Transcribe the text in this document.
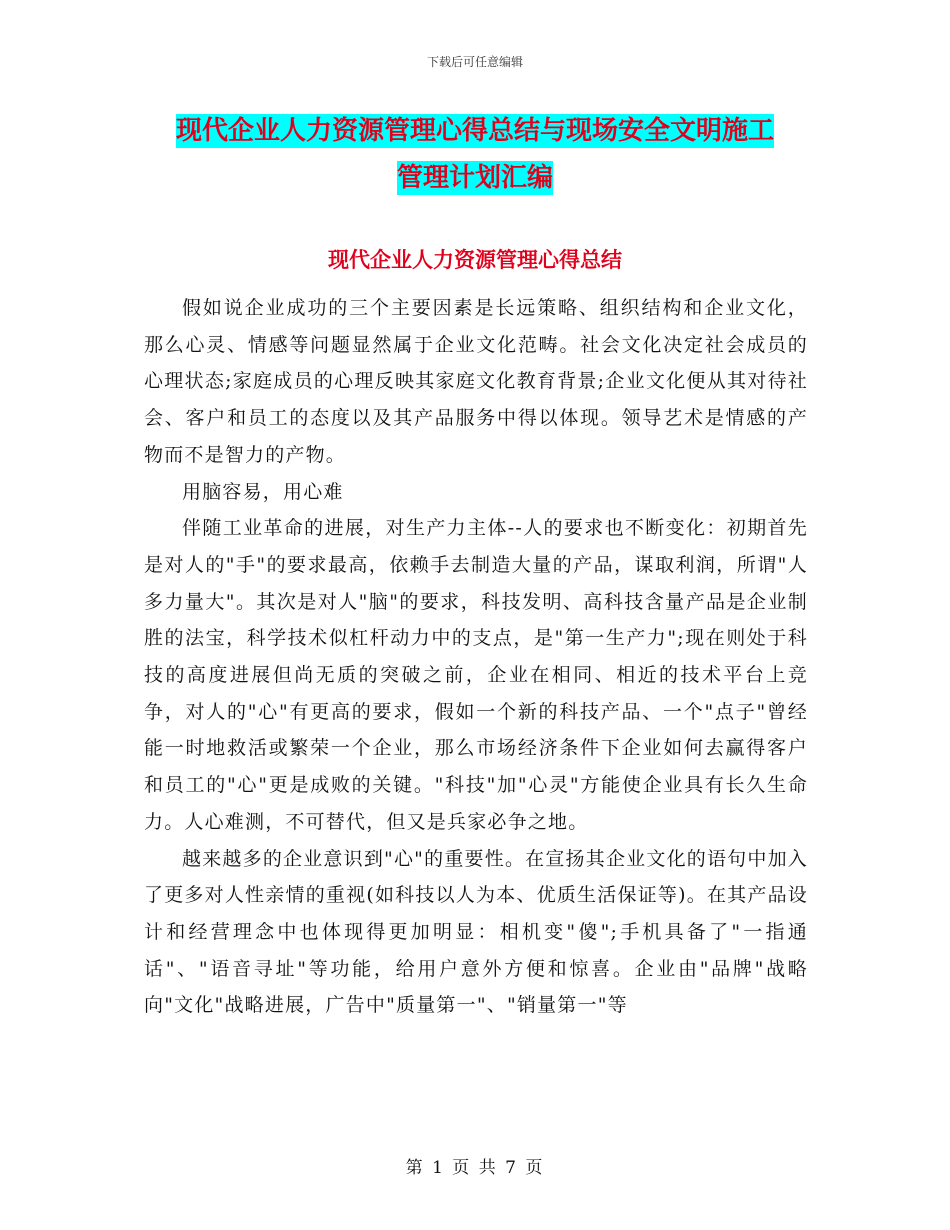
下载后可任意编辑
现代企业人力资源管理心得总结与现场安全文明施工
管理计划汇编
现代企业人力资源管理心得总结

假如说企业成功的三个主要因素是长远策略、组织结构和企业文化，那么心灵、情感等问题显然属于企业文化范畴。社会文化决定社会成员的心理状态;家庭成员的心理反映其家庭文化教育背景;企业文化便从其对待社会、客户和员工的态度以及其产品服务中得以体现。领导艺术是情感的产物而不是智力的产物。

用脑容易，用心难

伴随工业革命的进展，对生产力主体--人的要求也不断变化：初期首先是对人的"手"的要求最高，依赖手去制造大量的产品，谋取利润，所谓"人多力量大"。其次是对人"脑"的要求，科技发明、高科技含量产品是企业制胜的法宝，科学技术似杠杆动力中的支点，是"第一生产力";现在则处于科技的高度进展但尚无质的突破之前，企业在相同、相近的技术平台上竞争，对人的"心"有更高的要求，假如一个新的科技产品、一个"点子"曾经能一时地救活或繁荣一个企业，那么市场经济条件下企业如何去赢得客户和员工的"心"更是成败的关键。"科技"加"心灵"方能使企业具有长久生命力。人心难测，不可替代，但又是兵家必争之地。

越来越多的企业意识到"心"的重要性。在宣扬其企业文化的语句中加入了更多对人性亲情的重视(如科技以人为本、优质生活保证等)。在其产品设计和经营理念中也体现得更加明显：相机变"傻";手机具备了"一指通话"、"语音寻址"等功能，给用户意外方便和惊喜。企业由"品牌"战略向"文化"战略进展，广告中"质量第一"、"销量第一"等

第 1 页 共 7 页
